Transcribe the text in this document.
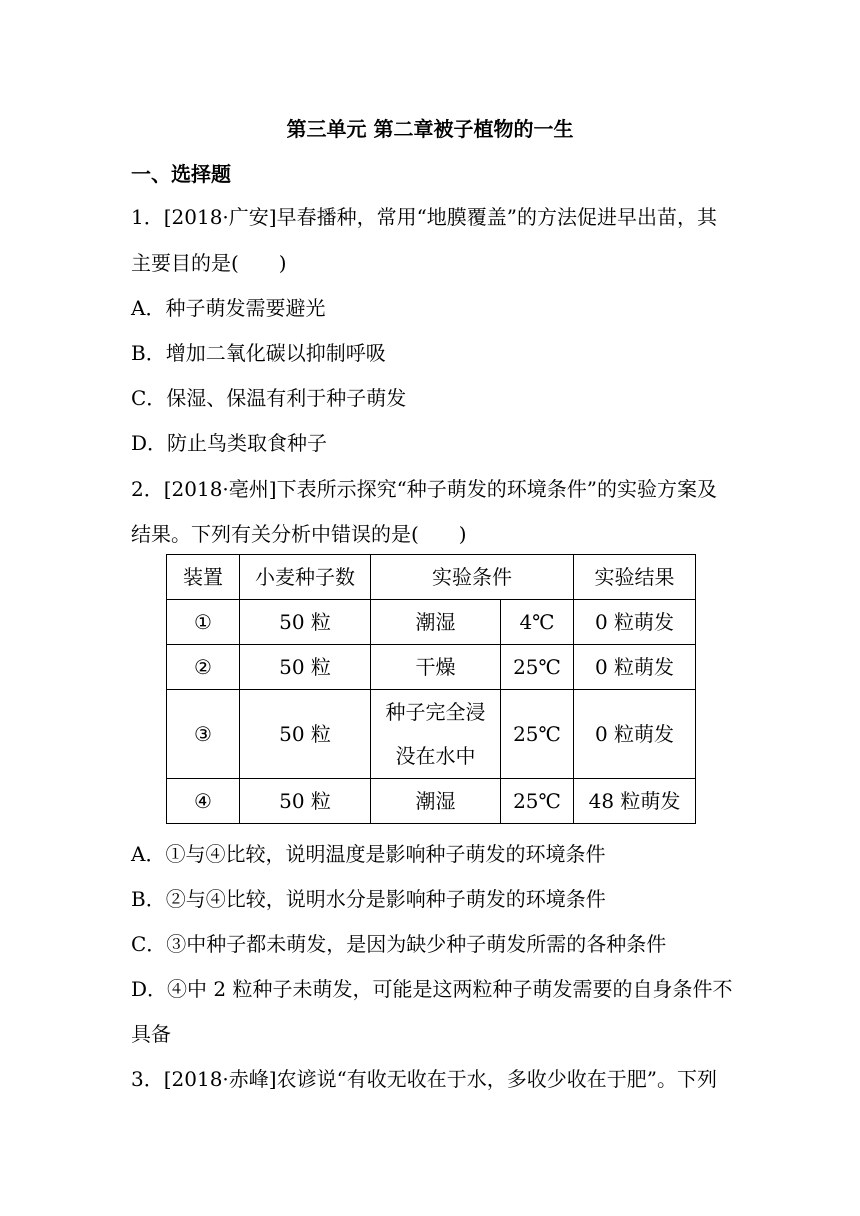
第三单元 第二章被子植物的一生
一、选择题
1．[2018·广安]早春播种，常用“地膜覆盖”的方法促进早出苗，其
主要目的是(　　)
A．种子萌发需要避光
B．增加二氧化碳以抑制呼吸
C．保湿、保温有利于种子萌发
D．防止鸟类取食种子
2．[2018·亳州]下表所示探究“种子萌发的环境条件”的实验方案及
结果。下列有关分析中错误的是(　　)
装置	小麦种子数	实验条件		实验结果
①	50 粒	潮湿	4℃	0 粒萌发
②	50 粒	干燥	25℃	0 粒萌发
③	50 粒	种子完全浸
没在水中	25℃	0 粒萌发
④	50 粒	潮湿	25℃	48 粒萌发
A．①与④比较，说明温度是影响种子萌发的环境条件
B．②与④比较，说明水分是影响种子萌发的环境条件
C．③中种子都未萌发，是因为缺少种子萌发所需的各种条件
D．④中 2 粒种子未萌发，可能是这两粒种子萌发需要的自身条件不
具备
3．[2018·赤峰]农谚说“有收无收在于水，多收少收在于肥”。下列
